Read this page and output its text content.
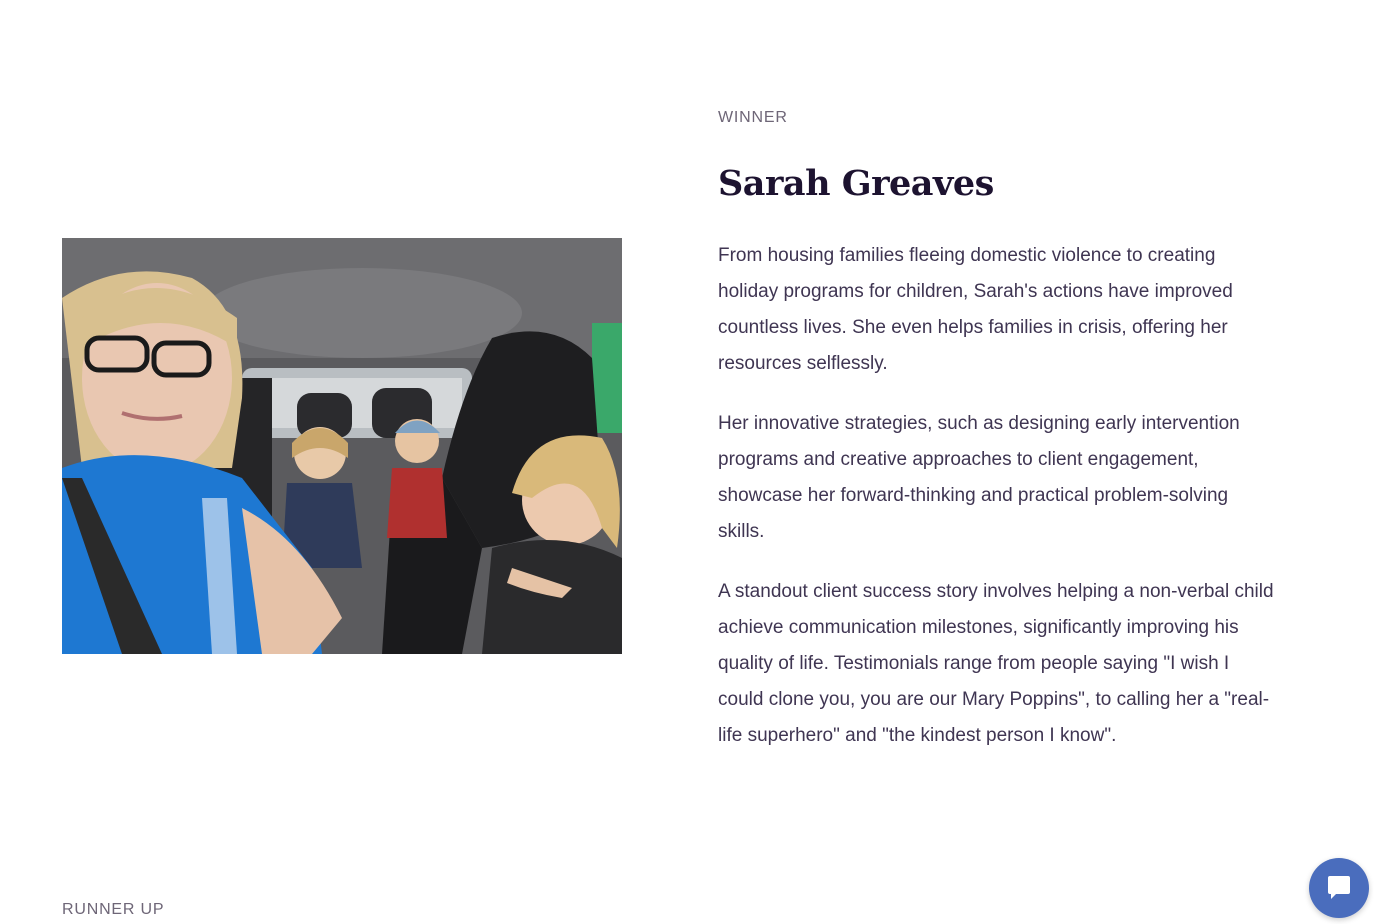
WINNER

Sarah Greaves

From housing families fleeing domestic violence to creating holiday programs for children, Sarah's actions have improved countless lives. She even helps families in crisis, offering her resources selflessly.

Her innovative strategies, such as designing early intervention programs and creative approaches to client engagement, showcase her forward-thinking and practical problem-solving skills.

A standout client success story involves helping a non-verbal child achieve communication milestones, significantly improving his quality of life. Testimonials range from people saying "I wish I could clone you, you are our Mary Poppins", to calling her a "real-life superhero" and "the kindest person I know".

RUNNER UP
